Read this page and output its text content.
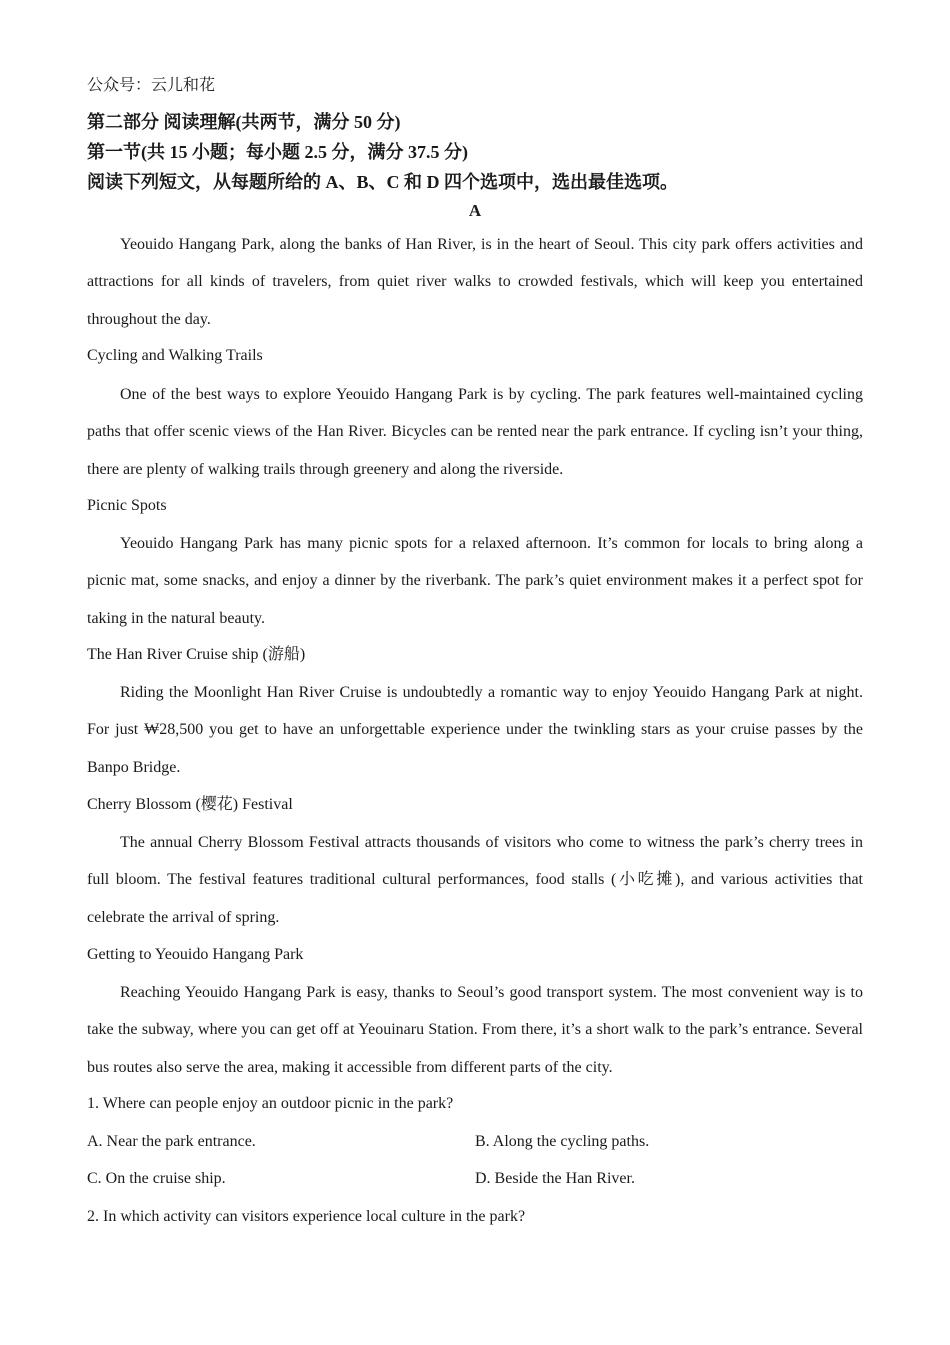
公众号：云儿和花
第二部分 阅读理解(共两节，满分 50 分)
第一节(共 15 小题；每小题 2.5 分，满分 37.5 分)
阅读下列短文，从每题所给的 A、B、C 和 D 四个选项中，选出最佳选项。
A

Yeouido Hangang Park, along the banks of Han River, is in the heart of Seoul. This city park offers activities and attractions for all kinds of travelers, from quiet river walks to crowded festivals, which will keep you entertained throughout the day.

Cycling and Walking Trails

One of the best ways to explore Yeouido Hangang Park is by cycling. The park features well-maintained cycling paths that offer scenic views of the Han River. Bicycles can be rented near the park entrance. If cycling isn’t your thing, there are plenty of walking trails through greenery and along the riverside.

Picnic Spots

Yeouido Hangang Park has many picnic spots for a relaxed afternoon. It’s common for locals to bring along a picnic mat, some snacks, and enjoy a dinner by the riverbank. The park’s quiet environment makes it a perfect spot for taking in the natural beauty.

The Han River Cruise ship (游船)

Riding the Moonlight Han River Cruise is undoubtedly a romantic way to enjoy Yeouido Hangang Park at night. For just ₩28,500 you get to have an unforgettable experience under the twinkling stars as your cruise passes by the Banpo Bridge.

Cherry Blossom (樱花) Festival

The annual Cherry Blossom Festival attracts thousands of visitors who come to witness the park’s cherry trees in full bloom. The festival features traditional cultural performances, food stalls (小吃摊), and various activities that celebrate the arrival of spring.

Getting to Yeouido Hangang Park

Reaching Yeouido Hangang Park is easy, thanks to Seoul’s good transport system. The most convenient way is to take the subway, where you can get off at Yeouinaru Station. From there, it’s a short walk to the park’s entrance. Several bus routes also serve the area, making it accessible from different parts of the city.

1. Where can people enjoy an outdoor picnic in the park?
A. Near the park entrance.	B. Along the cycling paths.
C. On the cruise ship.	D. Beside the Han River.
2. In which activity can visitors experience local culture in the park?
